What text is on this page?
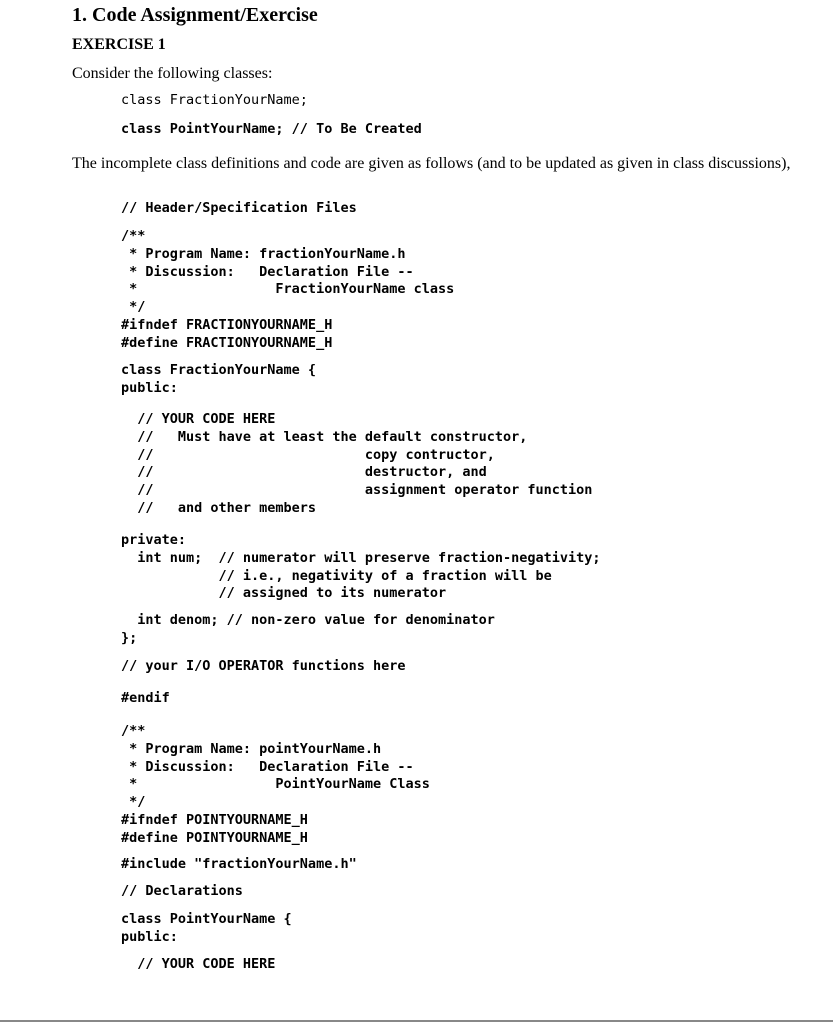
1. Code Assignment/Exercise
EXERCISE 1
Consider the following classes:
class FractionYourName;
class PointYourName; // To Be Created
The incomplete class definitions and code are given as follows (and to be updated as given in class discussions),
// Header/Specification Files
/**
* Program Name: fractionYourName.h
* Discussion:   Declaration File --
*                 FractionYourName class
*/
#ifndef FRACTIONYOURNAME_H
#define FRACTIONYOURNAME_H
class FractionYourName {
public:
// YOUR CODE HERE
//   Must have at least the default constructor,
//                          copy contructor,
//                          destructor, and
//                          assignment operator function
//   and other members
private:
int num;  // numerator will preserve fraction-negativity;
// i.e., negativity of a fraction will be
// assigned to its numerator
int denom; // non-zero value for denominator
};
// your I/O OPERATOR functions here
#endif
/**
* Program Name: pointYourName.h
* Discussion:   Declaration File --
*                 PointYourName Class
*/
#ifndef POINTYOURNAME_H
#define POINTYOURNAME_H
#include "fractionYourName.h"
// Declarations
class PointYourName {
public:
// YOUR CODE HERE
